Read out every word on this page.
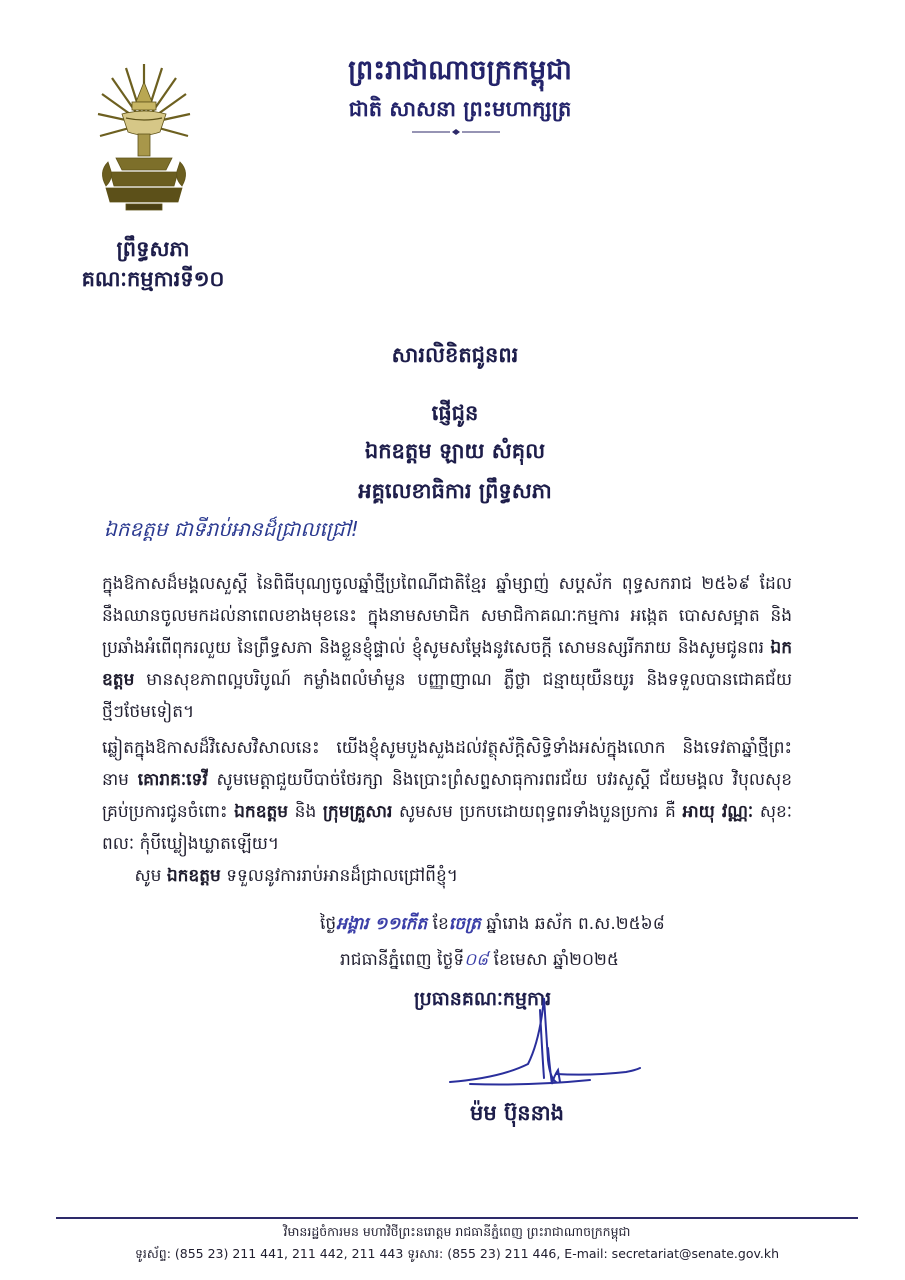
ព្រះរាជាណាចក្រកម្ពុជា
ជាតិ សាសនា ព្រះមហាក្សត្រ
ព្រឹទ្ធសភា
គណៈកម្មការទី១០
សារលិខិតជូនពរ
ផ្ញើជូន
ឯកឧត្តម ឡាយ សំគុល
អគ្គលេខាធិការ ព្រឹទ្ធសភា
ឯកឧត្តម ជាទីរាប់អានដ៏ជ្រាលជ្រៅ!
ក្នុងឱកាសដ៏មង្គលសួស្តី នៃពិធីបុណ្យចូលឆ្នាំថ្មីប្រពៃណីជាតិខ្មែរ ឆ្នាំម្សាញ់ សប្តស័ក ពុទ្ធសករាជ ២៥៦៩ ដែលនឹងឈានចូលមកដល់នាពេលខាងមុខនេះ ក្នុងនាមសមាជិក សមាជិកាគណៈកម្មការ អង្កេត បោសសម្អាត និងប្រឆាំងអំពើពុករលួយ នៃព្រឹទ្ធសភា និងខ្លួនខ្ញុំផ្ទាល់ ខ្ញុំសូមសម្តែងនូវសេចក្តី សោមនស្សរីករាយ និងសូមជូនពរ ឯកឧត្តម មានសុខភាពល្អបរិបូណ៍ កម្លាំងពលំមាំមួន បញ្ញាញាណ ភ្លឺថ្លា ជន្មាយុយឺនយូរ និងទទួលបានជោគជ័យថ្មីៗថែមទៀត។
ឆ្លៀតក្នុងឱកាសដ៏វិសេសវិសាលនេះ យើងខ្ញុំសូមបួងសួងដល់វត្ថុស័ក្តិសិទ្ធិទាំងអស់ក្នុងលោក និងទេវតាឆ្នាំថ្មីព្រះនាម គោរាគៈទេវី សូមមេត្តាជួយបីបាច់ថែរក្សា និងប្រោះព្រំសព្ទសាធុការពរជ័យ បវរសួស្តី ជ័យមង្គល វិបុលសុខគ្រប់ប្រការជូនចំពោះ ឯកឧត្តម និង ក្រុមគ្រួសារ សូមសម ប្រកបដោយពុទ្ធពរទាំងបួនប្រការ គឺ អាយុ វណ្ណៈ សុខៈ ពលៈ កុំបីឃ្លៀងឃ្លាតឡើយ។
សូម ឯកឧត្តម ទទួលនូវការរាប់អានដ៏ជ្រាលជ្រៅពីខ្ញុំ។
ថ្ងៃអង្គារ ១១កើត ខែចេត្រ ឆ្នាំរោង ឆស័ក ព.ស.២៥៦៨
រាជធានីភ្នំពេញ ថ្ងៃទី០៨ ខែមេសា ឆ្នាំ២០២៥
ប្រធានគណៈកម្មការ
ម៉ម ប៊ុននាង
វិមានរដ្ឋចំការមន មហាវិថីព្រះនរោត្តម រាជធានីភ្នំពេញ ព្រះរាជាណាចក្រកម្ពុជា
ទូរស័ព្ទ: (855 23) 211 441, 211 442, 211 443 ទូរសារ: (855 23) 211 446, E-mail: secretariat@senate.gov.kh
